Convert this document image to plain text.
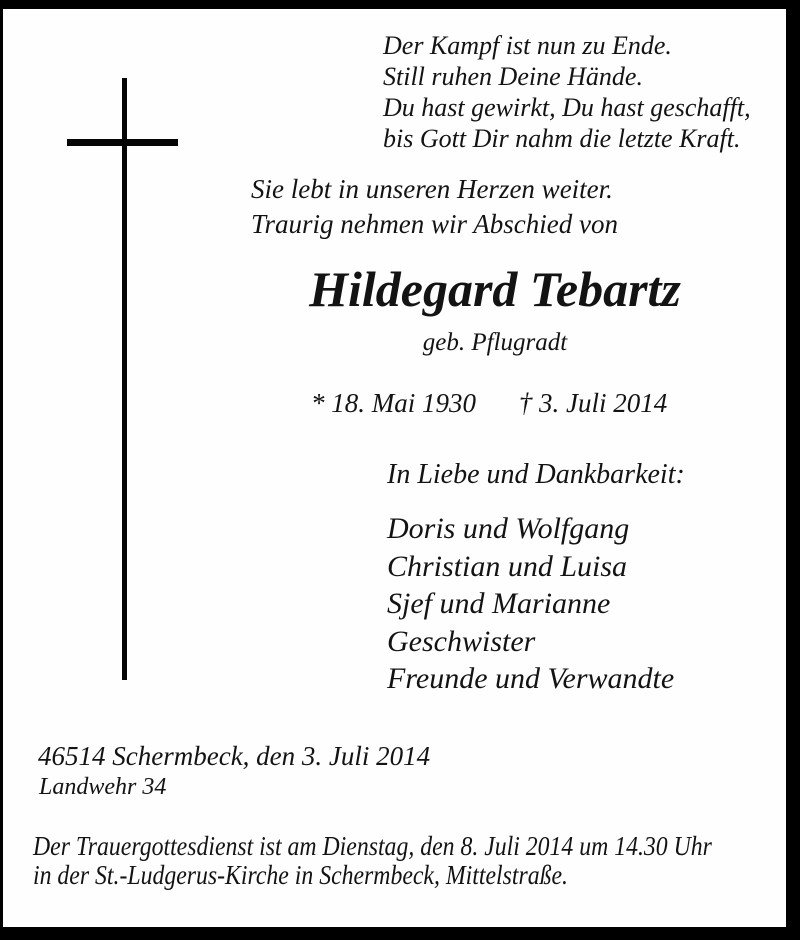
Der Kampf ist nun zu Ende.
Still ruhen Deine Hände.
Du hast gewirkt, Du hast geschafft,
bis Gott Dir nahm die letzte Kraft.
Sie lebt in unseren Herzen weiter.
Traurig nehmen wir Abschied von
Hildegard Tebartz
geb. Pflugradt
* 18. Mai 1930 † 3. Juli 2014
In Liebe und Dankbarkeit:
Doris und Wolfgang
Christian und Luisa
Sjef und Marianne
Geschwister
Freunde und Verwandte
46514 Schermbeck, den 3. Juli 2014
Landwehr 34
Der Trauergottesdienst ist am Dienstag, den 8. Juli 2014 um 14.30 Uhr
in der St.-Ludgerus-Kirche in Schermbeck, Mittelstraße.
